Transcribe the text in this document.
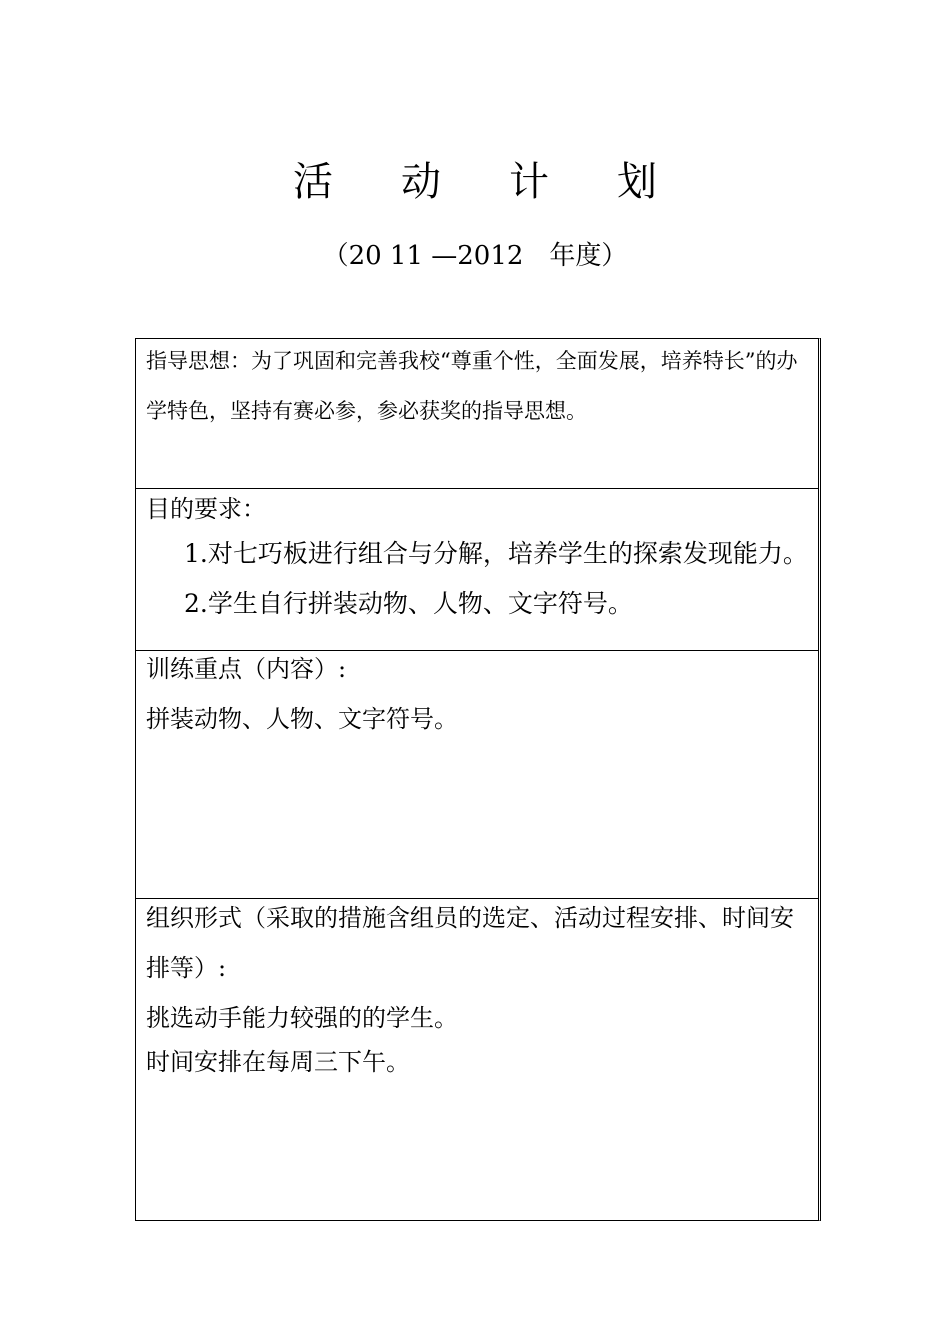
活 动 计 划
（20 11 —2012　年度）
指导思想：为了巩固和完善我校“尊重个性，全面发展，培养特长”的办学特色，坚持有赛必参，参必获奖的指导思想。
目的要求：
1.对七巧板进行组合与分解，培养学生的探索发现能力。
2.学生自行拼装动物、人物、文字符号。
训练重点（内容）:
拼装动物、人物、文字符号。
组织形式（采取的措施含组员的选定、活动过程安排、时间安排等）:
挑选动手能力较强的的学生。
时间安排在每周三下午。
